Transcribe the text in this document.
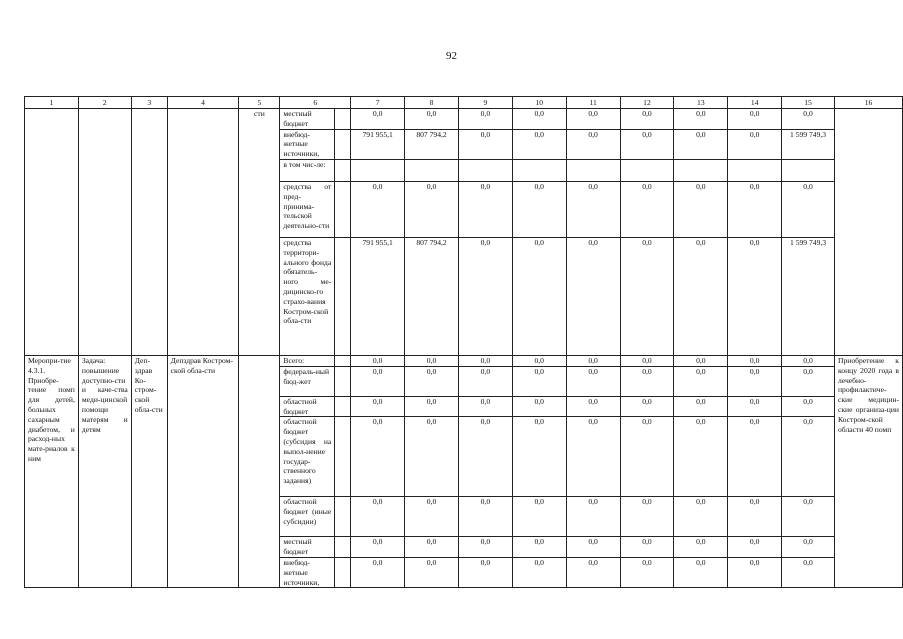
92
1	2	3	4	5	6		7	8	9	10	11	12	13	14	15	16
				сти	местный бюджет		0,0	0,0	0,0	0,0	0,0	0,0	0,0	0,0	0,0	
					внебюд-жетные источники,		791 955,1	807 794,2	0,0	0,0	0,0	0,0	0,0	0,0	1 599 749,3	
					в том чис-ле:											
					средства от пред-принима-тельской деятельно-сти		0,0	0,0	0,0	0,0	0,0	0,0	0,0	0,0	0,0	
					средства территори-ального фонда обязатель-ного ме-дицинско-го страхо-вания Костром-ской обла-сти		791 955,1	807 794,2	0,0	0,0	0,0	0,0	0,0	0,0	1 599 749,3	
Меропри-тие 4.3.1. Приобре-тение помп для детей, больных сахарным диабетом, и расход-ных мате-риалов к ним	Задача: повышение доступно-сти и каче-ства меди-цинской помощи матерям и детям	Деп-здрав Ко-стром-ской обла-сти	Депздрав Костром-ской обла-сти		Всего:		0,0	0,0	0,0	0,0	0,0	0,0	0,0	0,0	0,0	Приобретение к концу 2020 года в лечебно-профилактиче-ские медицин-ские организа-ции Костром-ской области 40 помп
					федераль-ный бюд-жет		0,0	0,0	0,0	0,0	0,0	0,0	0,0	0,0	0,0	
					областной бюджет		0,0	0,0	0,0	0,0	0,0	0,0	0,0	0,0	0,0	
					областной бюджет (субсидия на выпол-нение государ-ственного задания)		0,0	0,0	0,0	0,0	0,0	0,0	0,0	0,0	0,0	
					областной бюджет (иные субсидии)		0,0	0,0	0,0	0,0	0,0	0,0	0,0	0,0	0,0	
					местный бюджет		0,0	0,0	0,0	0,0	0,0	0,0	0,0	0,0	0,0	
					внебюд-жетные источники,		0,0	0,0	0,0	0,0	0,0	0,0	0,0	0,0	0,0	
